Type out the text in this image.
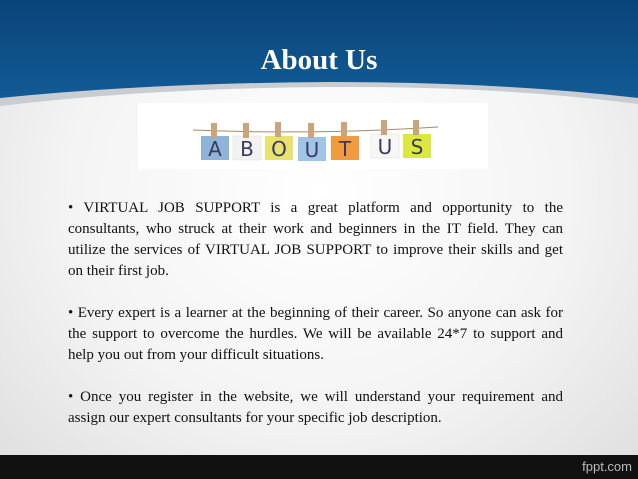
About Us
A B O U T U S

• VIRTUAL JOB SUPPORT is a great platform and opportunity to the consultants, who struck at their work and beginners in the IT field. They can utilize the services of VIRTUAL JOB SUPPORT to improve their skills and get on their first job.

• Every expert is a learner at the beginning of their career. So anyone can ask for the support to overcome the hurdles. We will be available 24*7 to support and help you out from your difficult situations.

• Once you register in the website, we will understand your requirement and assign our expert consultants for your specific job description.

fppt.com
